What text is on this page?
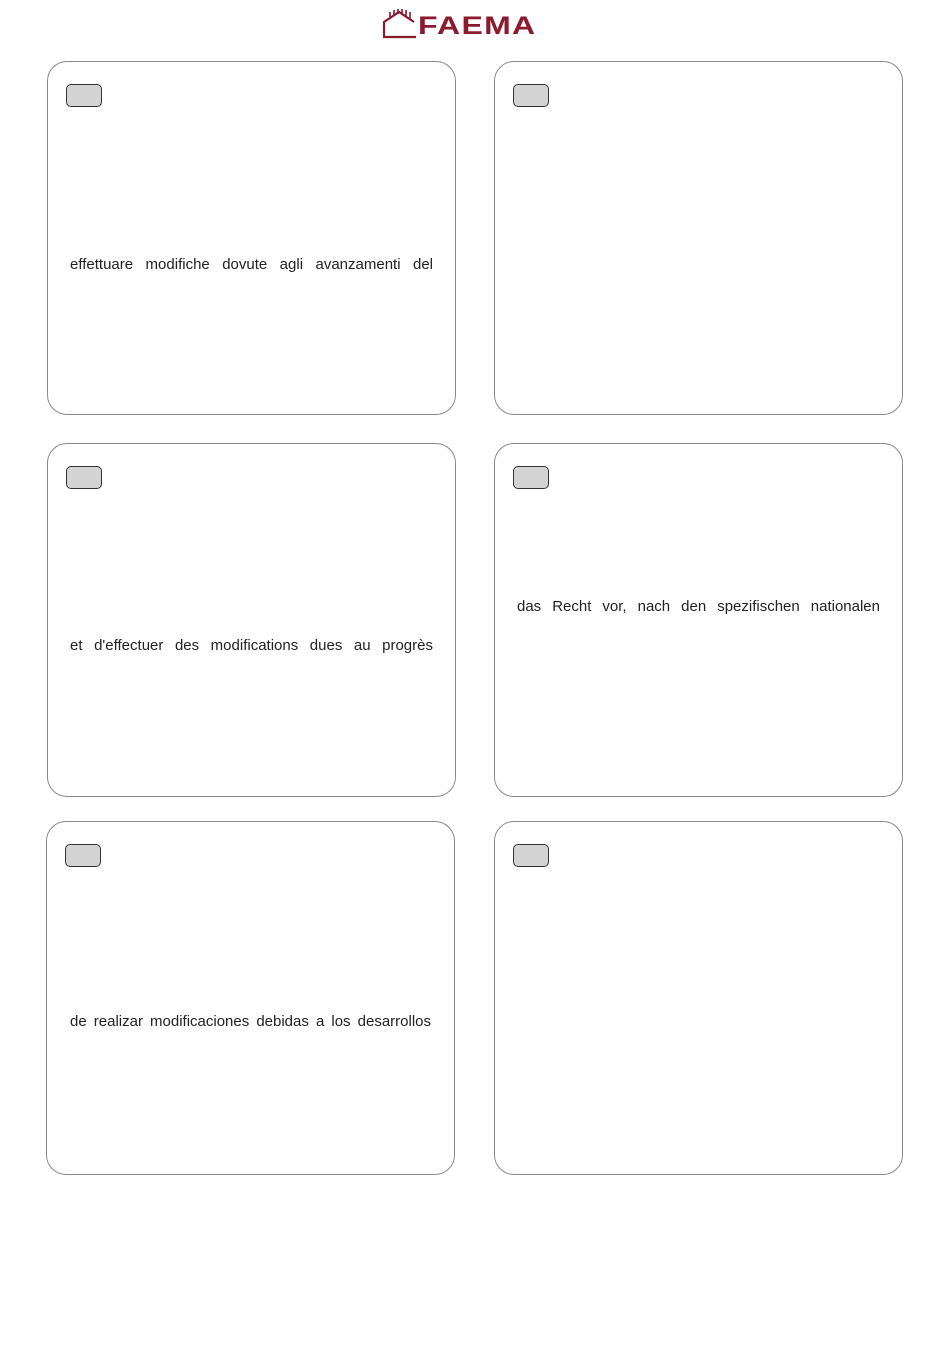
FAEMA
effettuare modifiche dovute agli avanzamenti del
et d'effectuer des modifications dues au progrès
das Recht vor, nach den spezifischen nationalen
de realizar modificaciones debidas a los desarrollos
